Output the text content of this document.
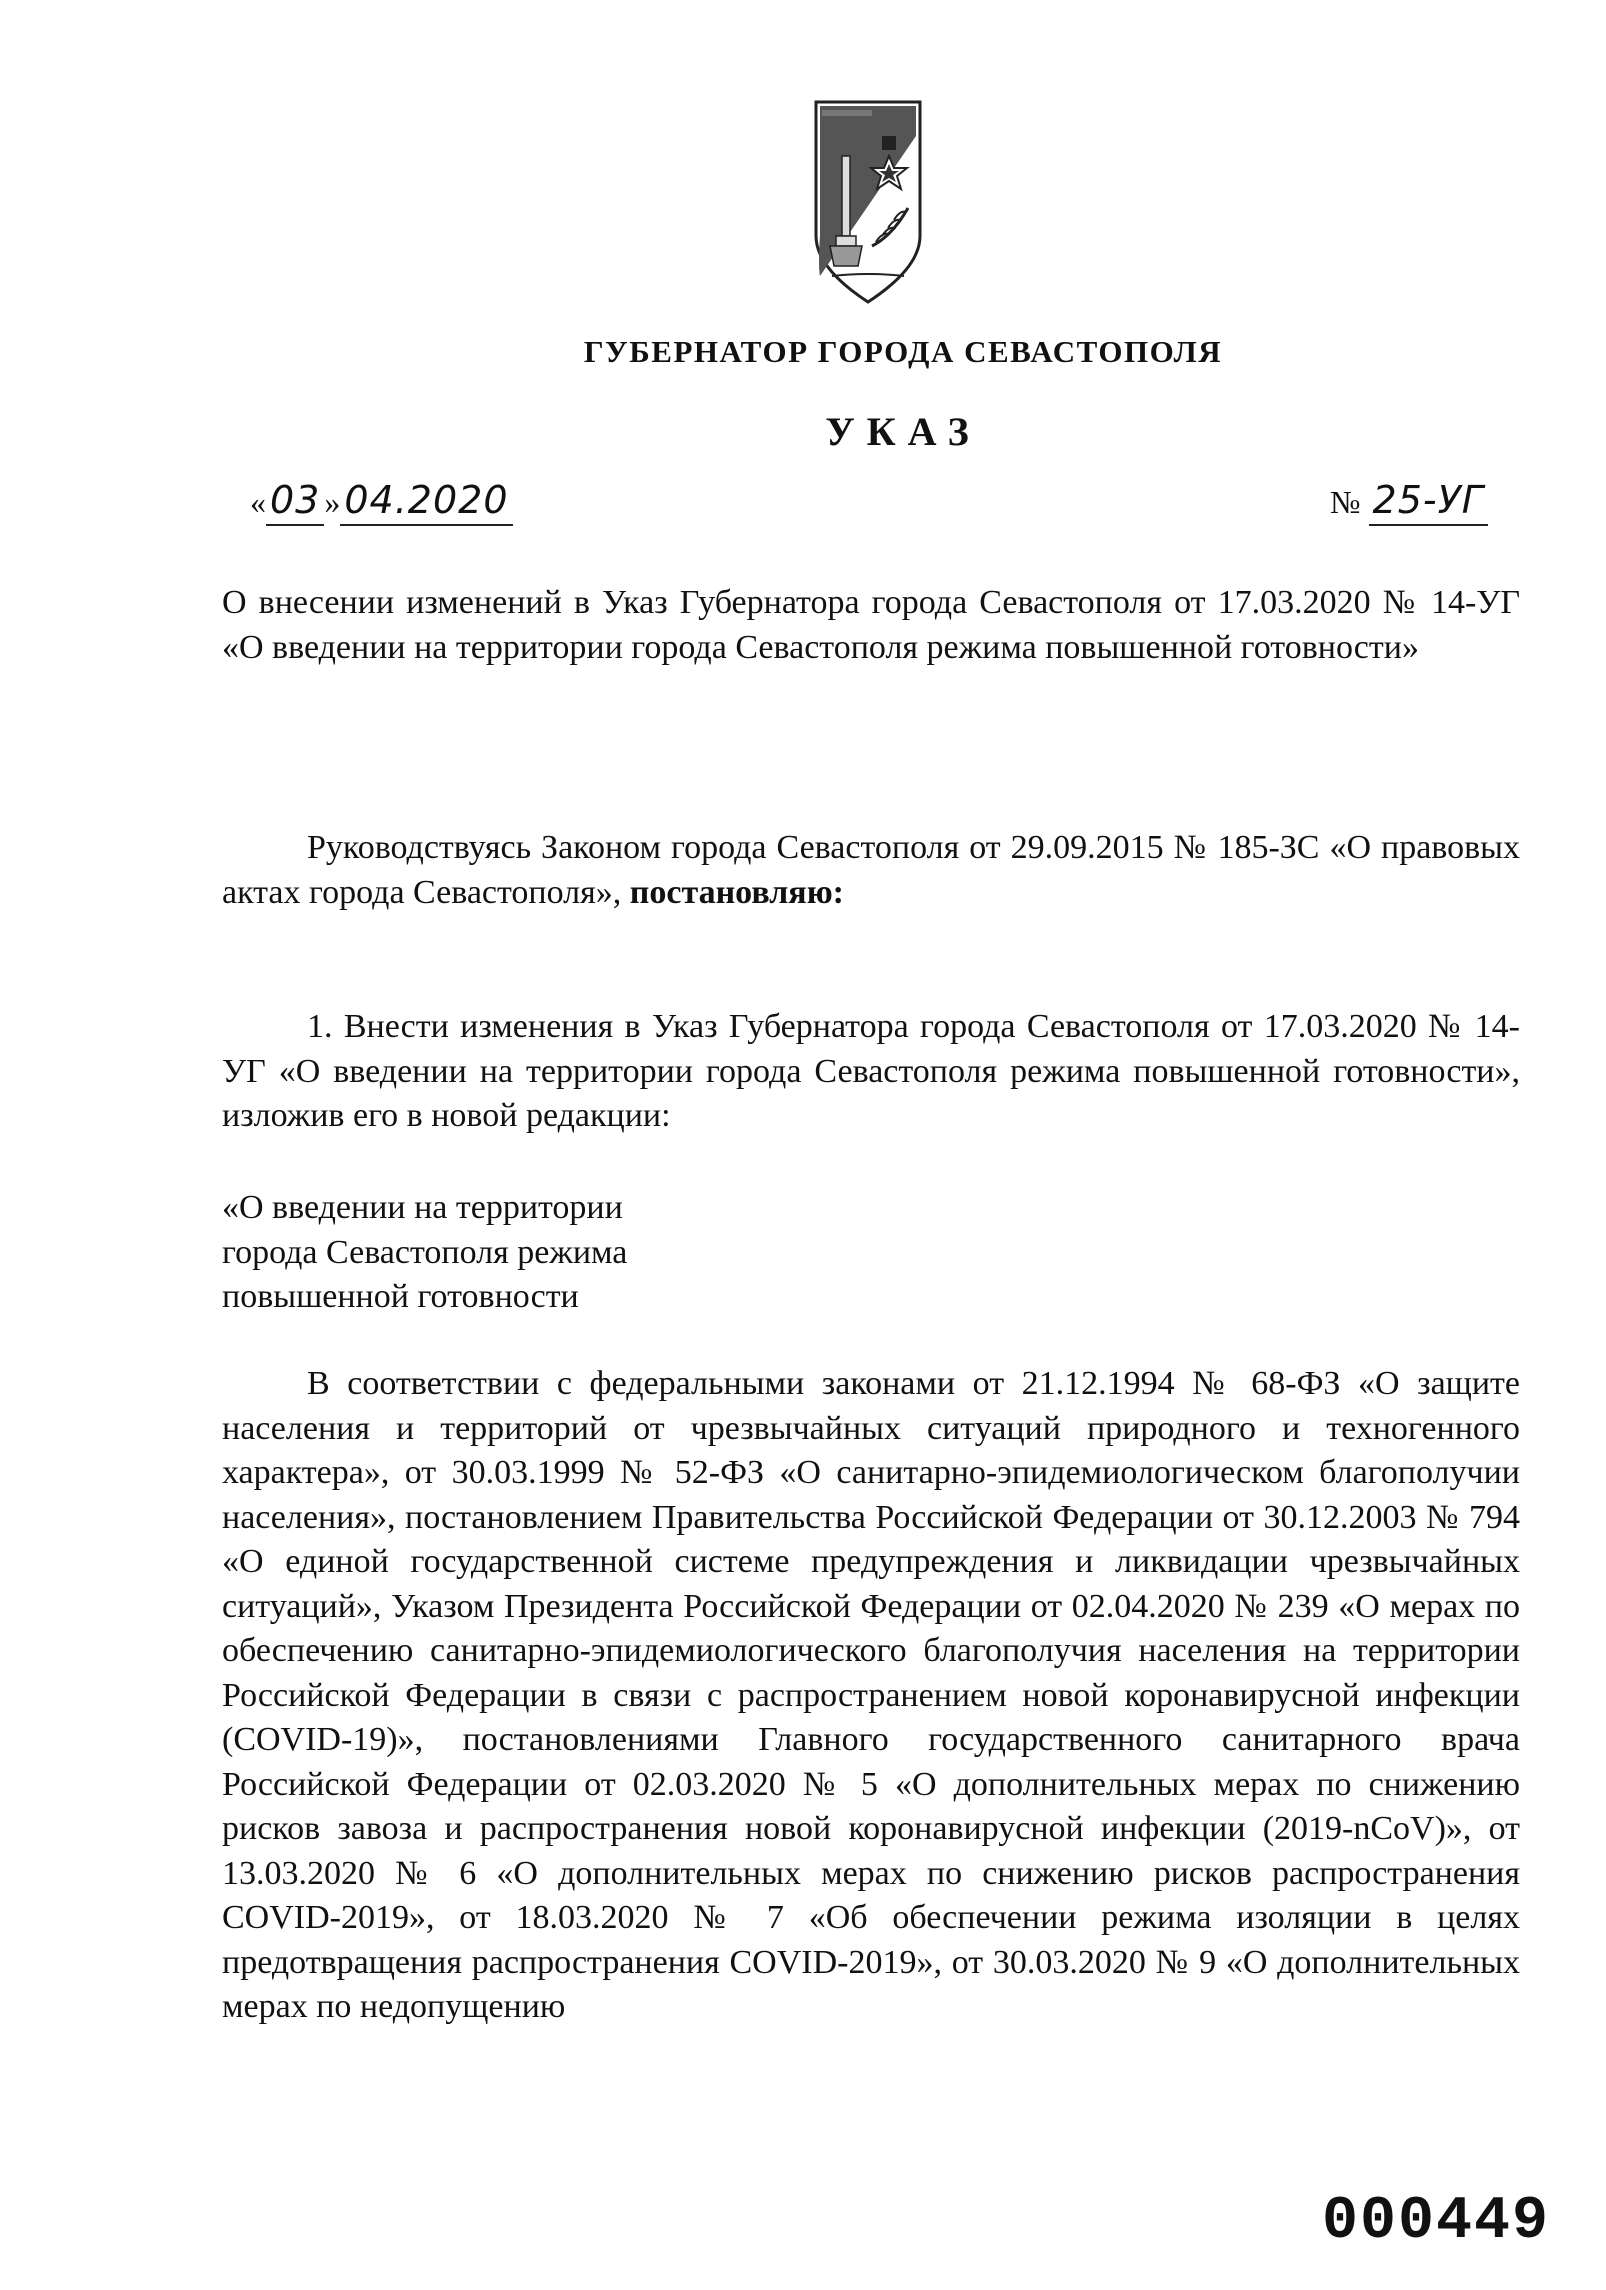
ГУБЕРНАТОР ГОРОДА СЕВАСТОПОЛЯ
УКАЗ
« 03 » 04.2020	№ 25-УГ

О внесении изменений в Указ Губернатора города Севастополя от 17.03.2020 № 14-УГ «О введении на территории города Севастополя режима повышенной готовности»

Руководствуясь Законом города Севастополя от 29.09.2015 № 185-ЗС «О правовых актах города Севастополя», постановляю:

1. Внести изменения в Указ Губернатора города Севастополя от 17.03.2020 № 14-УГ «О введении на территории города Севастополя режима повышенной готовности», изложив его в новой редакции:

«О введении на территории

города Севастополя режима

повышенной готовности

В соответствии с федеральными законами от 21.12.1994 № 68-ФЗ «О защите населения и территорий от чрезвычайных ситуаций природного и техногенного характера», от 30.03.1999 № 52-ФЗ «О санитарно-эпидемиологическом благополучии населения», постановлением Правительства Российской Федерации от 30.12.2003 № 794 «О единой государственной системе предупреждения и ликвидации чрезвычайных ситуаций», Указом Президента Российской Федерации от 02.04.2020 № 239 «О мерах по обеспечению санитарно-эпидемиологического благополучия населения на территории Российской Федерации в связи с распространением новой коронавирусной инфекции (COVID-19)», постановлениями Главного государственного санитарного врача Российской Федерации от 02.03.2020 № 5 «О дополнительных мерах по снижению рисков завоза и распространения новой коронавирусной инфекции (2019-nCoV)», от 13.03.2020 № 6 «О дополнительных мерах по снижению рисков распространения COVID-2019», от 18.03.2020 № 7 «Об обеспечении режима изоляции в целях предотвращения распространения COVID-2019», от 30.03.2020 № 9 «О дополнительных мерах по недопущению

000449
